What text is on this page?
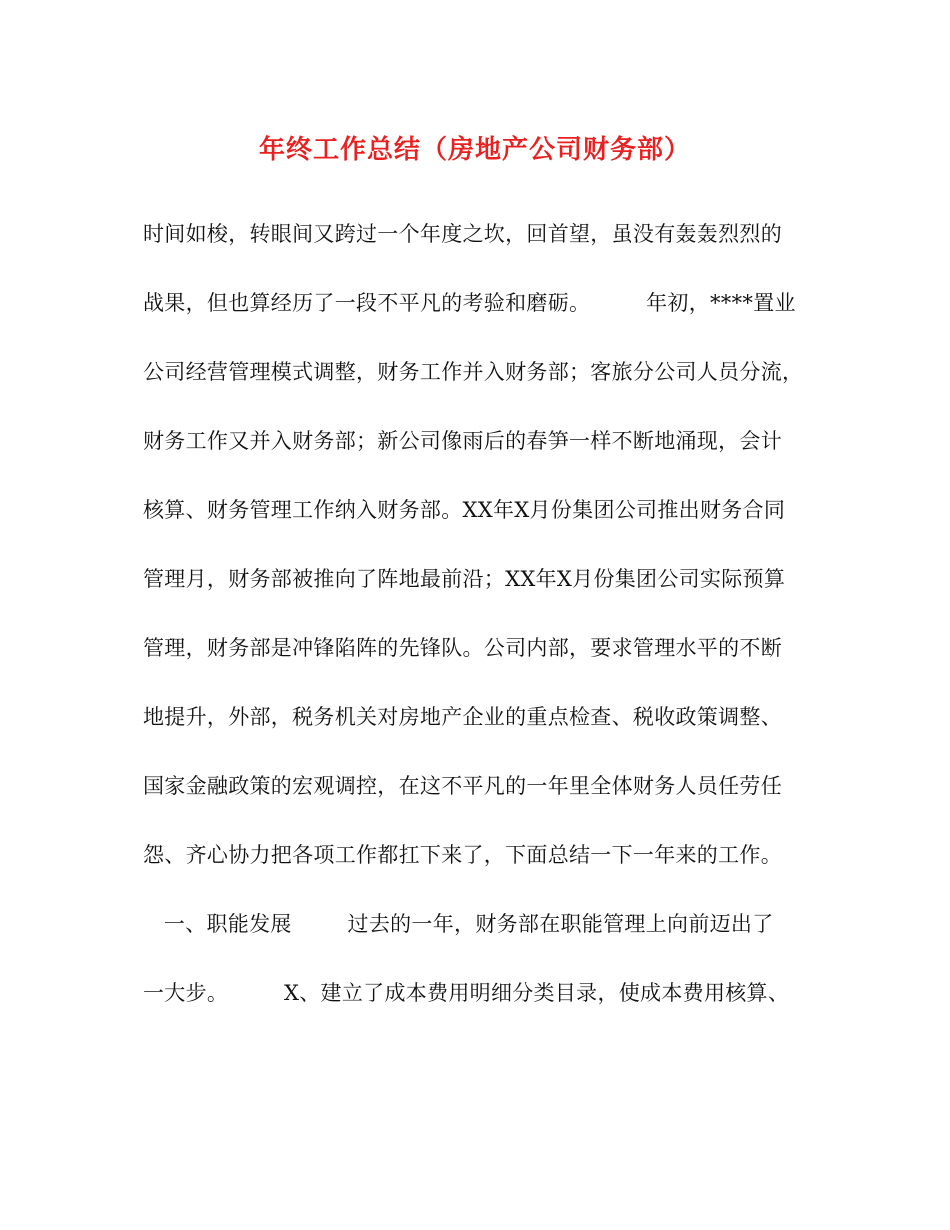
年终工作总结（房地产公司财务部）
时间如梭，转眼间又跨过一个年度之坎，回首望，虽没有轰轰烈烈的
战果，但也算经历了一段不平凡的考验和磨砺。        年初，****置业
公司经营管理模式调整，财务工作并入财务部；客旅分公司人员分流，
财务工作又并入财务部；新公司像雨后的春笋一样不断地涌现，会计
核算、财务管理工作纳入财务部。XX年X月份集团公司推出财务合同
管理月，财务部被推向了阵地最前沿；XX年X月份集团公司实际预算
管理，财务部是冲锋陷阵的先锋队。公司内部，要求管理水平的不断
地提升，外部，税务机关对房地产企业的重点检查、税收政策调整、
国家金融政策的宏观调控，在这不平凡的一年里全体财务人员任劳任
怨、齐心协力把各项工作都扛下来了，下面总结一下一年来的工作。
一、职能发展        过去的一年，财务部在职能管理上向前迈出了
一大步。        X、建立了成本费用明细分类目录，使成本费用核算、
